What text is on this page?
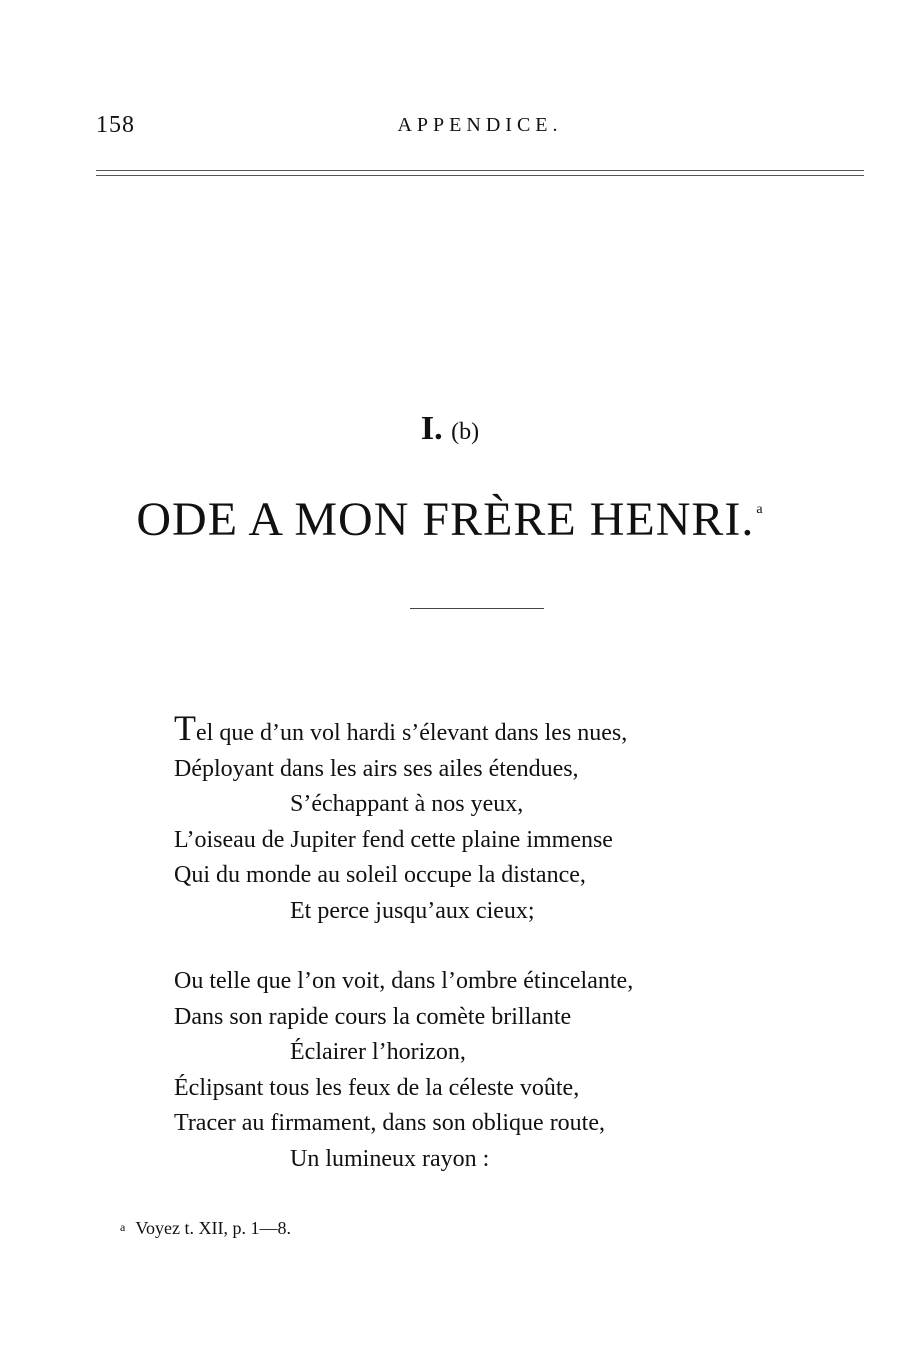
158	APPENDICE.
I. (b)
ODE A MON FRÈRE HENRI. $^a$
Tel que d’un vol hardi s’élevant dans les nues,
Déployant dans les airs ses ailes étendues,
S’échappant à nos yeux,
L’oiseau de Jupiter fend cette plaine immense
Qui du monde au soleil occupe la distance,
Et perce jusqu’aux cieux;
Ou telle que l’on voit, dans l’ombre étincelante,
Dans son rapide cours la comète brillante
Éclairer l’horizon,
Éclipsant tous les feux de la céleste voûte,
Tracer au firmament, dans son oblique route,
Un lumineux rayon :
$^a$ Voyez t. XII, p. 1—8.
